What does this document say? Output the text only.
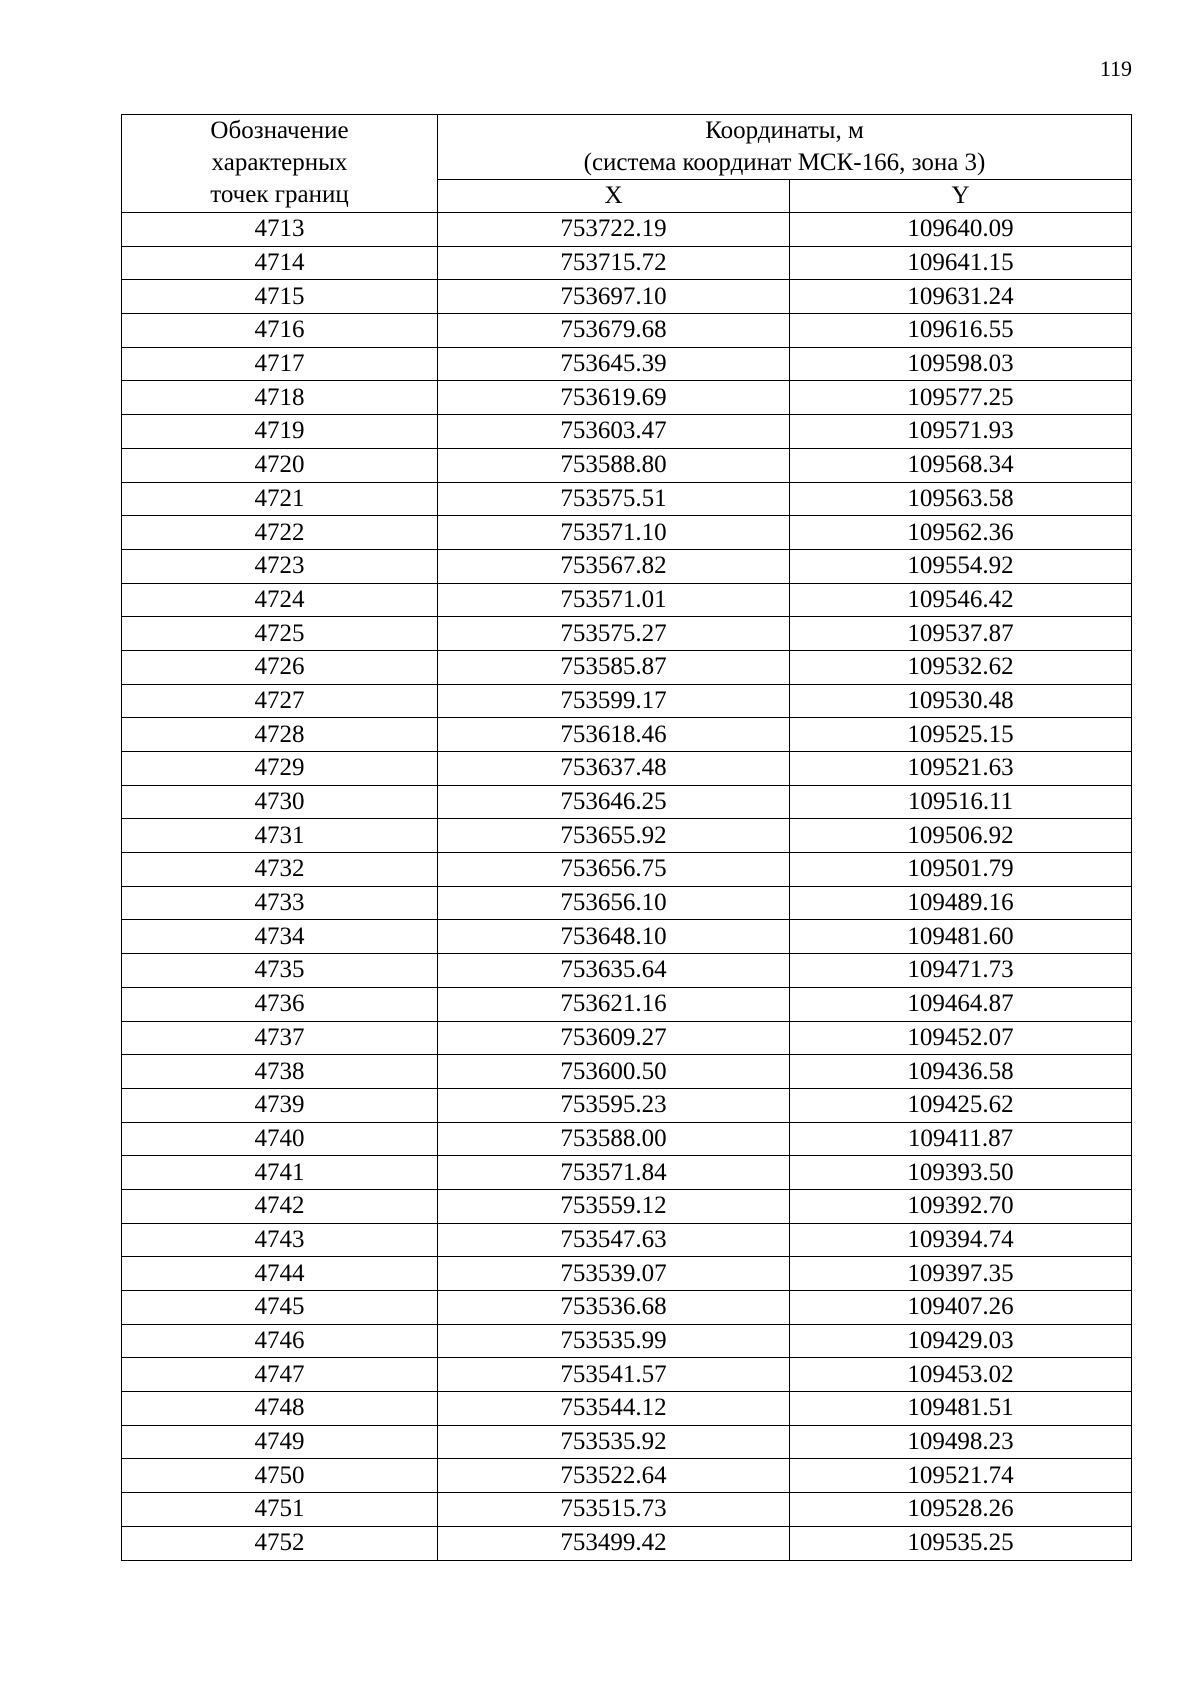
119
Обозначение
характерных
точек границ	Координаты, м
(система координат МСК-166, зона 3)	

	X	Y
4713	753722.19	109640.09
4714	753715.72	109641.15
4715	753697.10	109631.24
4716	753679.68	109616.55
4717	753645.39	109598.03
4718	753619.69	109577.25
4719	753603.47	109571.93
4720	753588.80	109568.34
4721	753575.51	109563.58
4722	753571.10	109562.36
4723	753567.82	109554.92
4724	753571.01	109546.42
4725	753575.27	109537.87
4726	753585.87	109532.62
4727	753599.17	109530.48
4728	753618.46	109525.15
4729	753637.48	109521.63
4730	753646.25	109516.11
4731	753655.92	109506.92
4732	753656.75	109501.79
4733	753656.10	109489.16
4734	753648.10	109481.60
4735	753635.64	109471.73
4736	753621.16	109464.87
4737	753609.27	109452.07
4738	753600.50	109436.58
4739	753595.23	109425.62
4740	753588.00	109411.87
4741	753571.84	109393.50
4742	753559.12	109392.70
4743	753547.63	109394.74
4744	753539.07	109397.35
4745	753536.68	109407.26
4746	753535.99	109429.03
4747	753541.57	109453.02
4748	753544.12	109481.51
4749	753535.92	109498.23
4750	753522.64	109521.74
4751	753515.73	109528.26
4752	753499.42	109535.25
